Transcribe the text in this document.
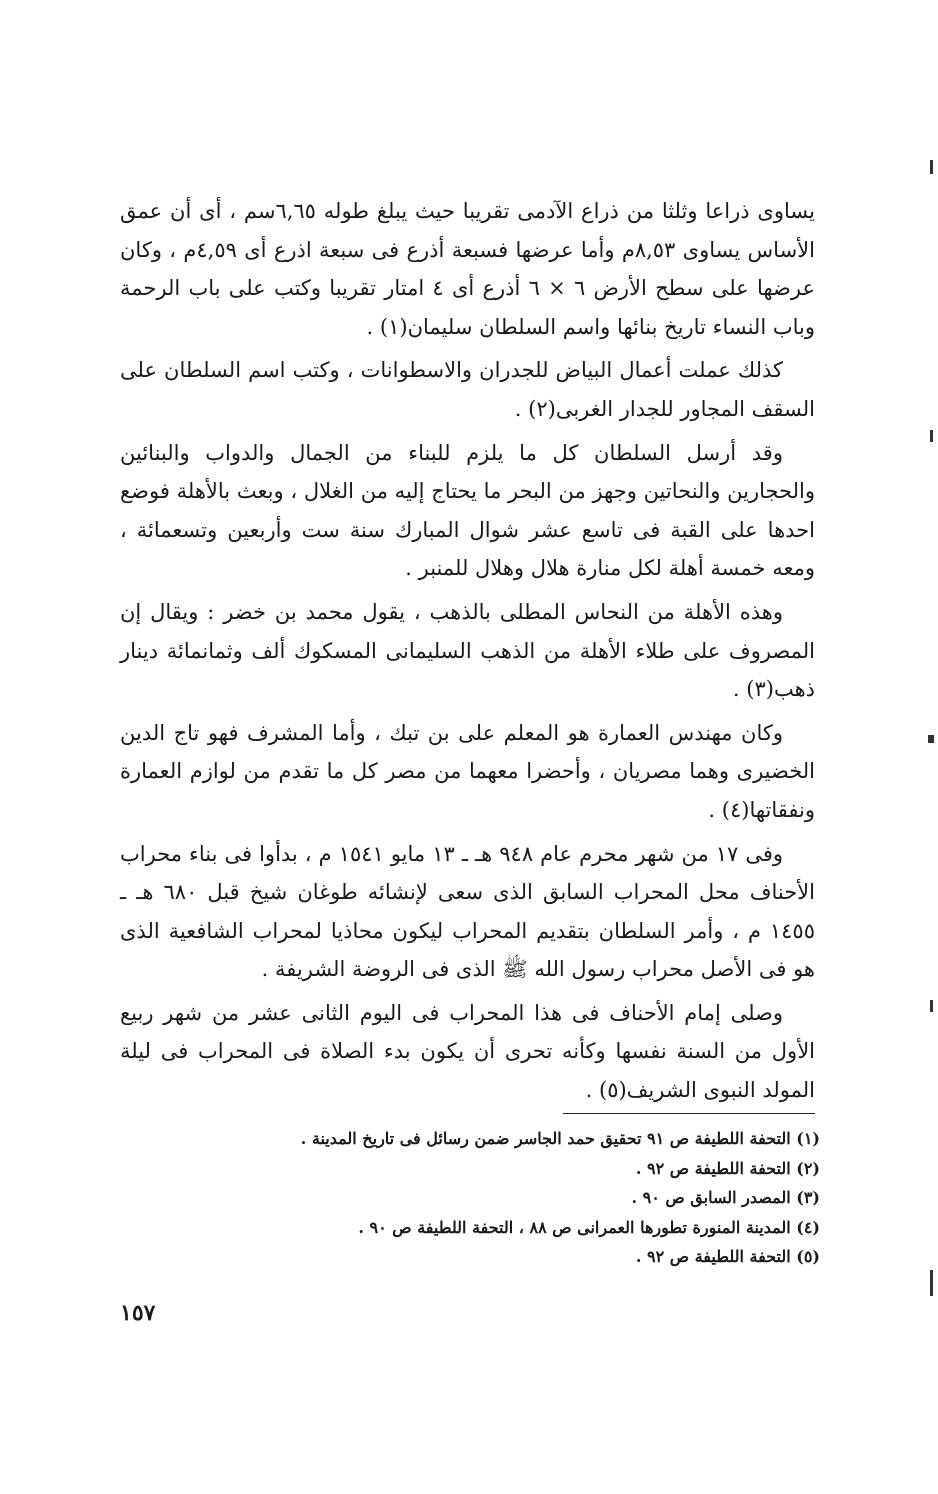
يساوى ذراعا وثلثا من ذراع الآدمى تقريبا حيث يبلغ طوله ٦,٦٥سم ، أى أن عمق الأساس يساوى ٨,٥٣م وأما عرضها فسبعة أذرع فى سبعة اذرع أى ٤,٥٩م ، وكان عرضها على سطح الأرض ٦ × ٦ أذرع أى ٤ امتار تقريبا وكتب على باب الرحمة وباب النساء تاريخ بنائها واسم السلطان سليمان(١) .

كذلك عملت أعمال البياض للجدران والاسطوانات ، وكتب اسم السلطان على السقف المجاور للجدار الغربى(٢) .

وقد أرسل السلطان كل ما يلزم للبناء من الجمال والدواب والبنائين والحجارين والنحاتين وجهز من البحر ما يحتاج إليه من الغلال ، وبعث بالأهلة فوضع احدها على القبة فى تاسع عشر شوال المبارك سنة ست وأربعين وتسعمائة ، ومعه خمسة أهلة لكل منارة هلال وهلال للمنبر .

وهذه الأهلة من النحاس المطلى بالذهب ، يقول محمد بن خضر : ويقال إن المصروف على طلاء الأهلة من الذهب السليمانى المسكوك ألف وثمانمائة دينار ذهب(٣) .

وكان مهندس العمارة هو المعلم على بن تبك ، وأما المشرف فهو تاج الدين الخضيرى وهما مصريان ، وأحضرا معهما من مصر كل ما تقدم من لوازم العمارة ونفقاتها(٤) .

وفى ١٧ من شهر محرم عام ٩٤٨ هـ ـ ١٣ مايو ١٥٤١ م ، بدأوا فى بناء محراب الأحناف محل المحراب السابق الذى سعى لإنشائه طوغان شيخ قبل ٦٨٠ هـ ـ ١٤٥٥ م ، وأمر السلطان بتقديم المحراب ليكون محاذيا لمحراب الشافعية الذى هو فى الأصل محراب رسول الله ﷺ الذى فى الروضة الشريفة .

وصلى إمام الأحناف فى هذا المحراب فى اليوم الثانى عشر من شهر ربيع الأول من السنة نفسها وكأنه تحرى أن يكون بدء الصلاة فى المحراب فى ليلة المولد النبوى الشريف(٥) .

(١) التحفة اللطيفة ص ٩١ تحقيق حمد الجاسر ضمن رسائل فى تاريخ المدينة .
(٢) التحفة اللطيفة ص ٩٢ .
(٣) المصدر السابق ص ٩٠ .
(٤) المدينة المنورة تطورها العمرانى ص ٨٨ ، التحفة اللطيفة ص ٩٠ .
(٥) التحفة اللطيفة ص ٩٢ .
١٥٧
